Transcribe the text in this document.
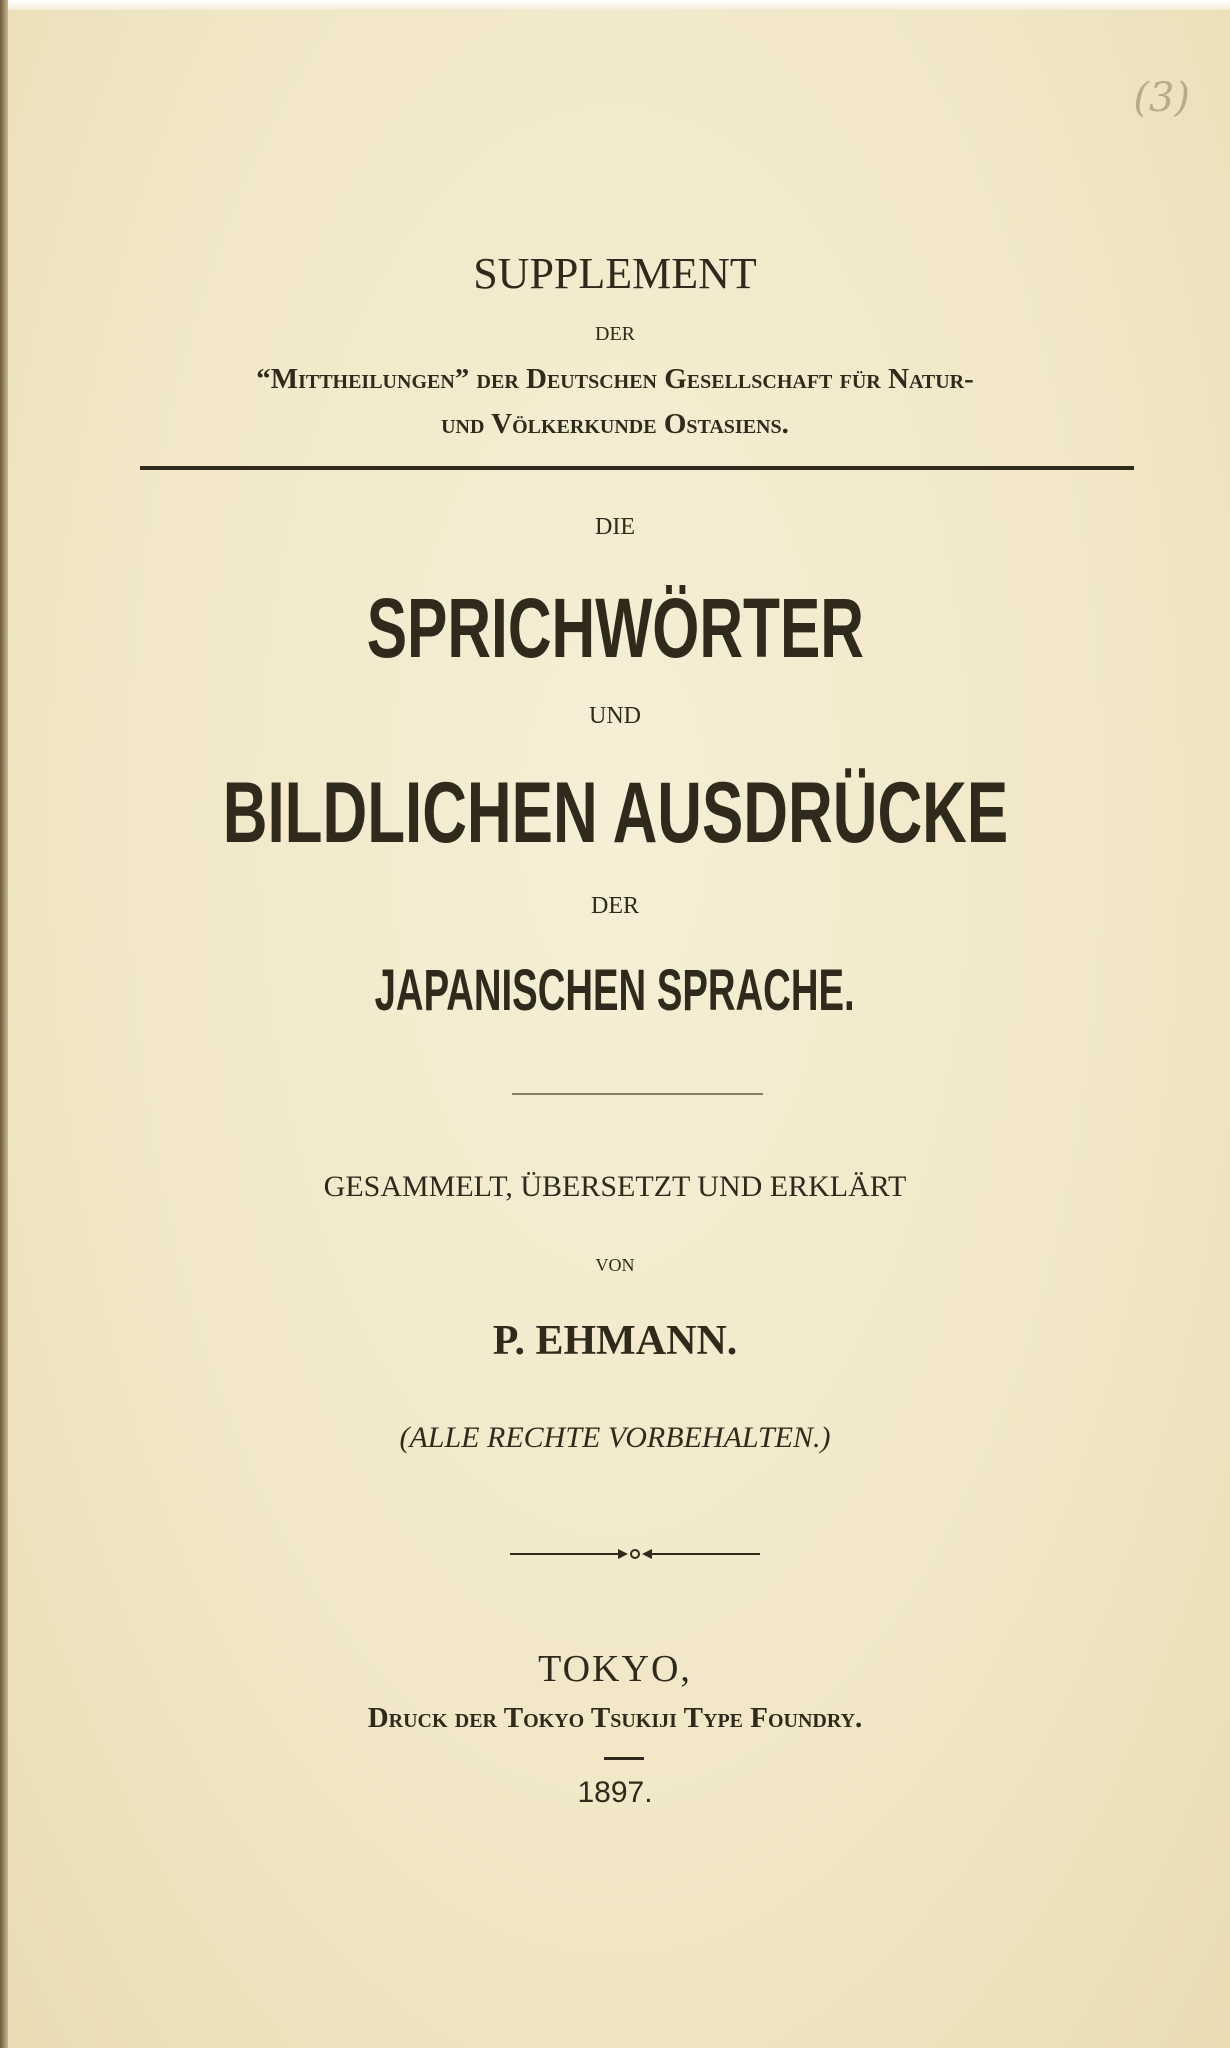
(3)
SUPPLEMENT
DER
“Mittheilungen” der Deutschen Gesellschaft für Natur-
und Völkerkunde Ostasiens.
DIE
SPRICHWÖRTER
UND
BILDLICHEN AUSDRÜCKE
DER
JAPANISCHEN SPRACHE.
GESAMMELT, ÜBERSETZT UND ERKLÄRT
VON
P. EHMANN.
(ALLE RECHTE VORBEHALTEN.)
TOKYO,
Druck der Tokyo Tsukiji Type Foundry.
1897.
